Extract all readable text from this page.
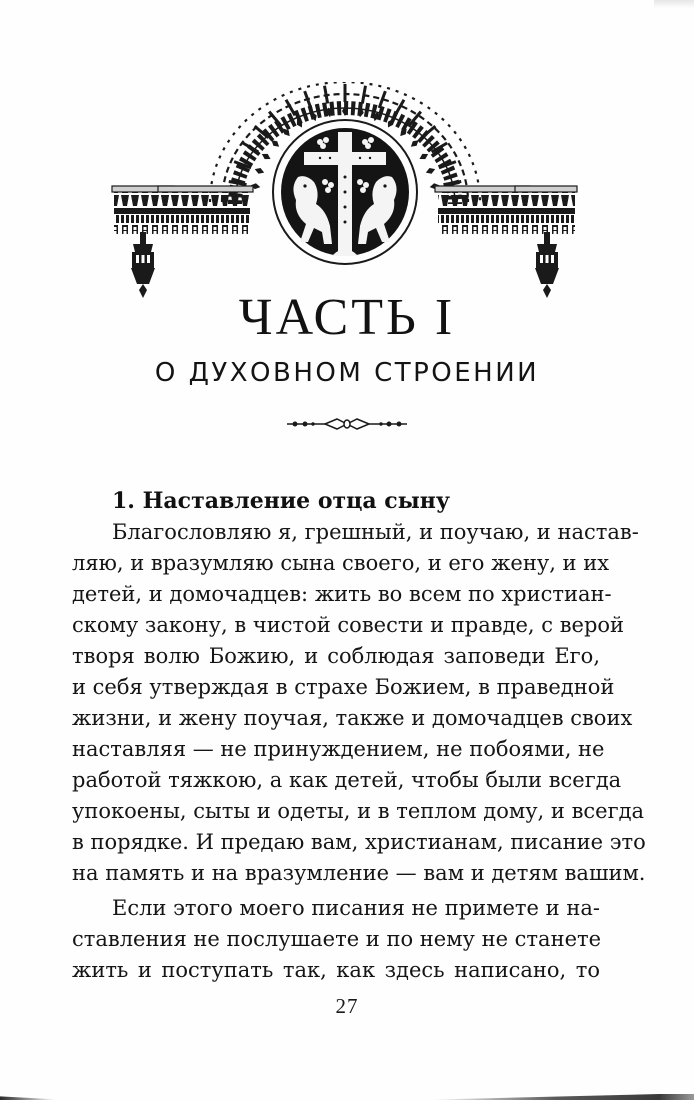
ЧАСТЬ I
О ДУХОВНОМ СТРОЕНИИ
1. Наставление отца сыну
Благословляю я, грешный, и поучаю, и настав-
ляю, и вразумляю сына своего, и его жену, и их
детей, и домочадцев: жить во всем по христиан-
скому закону, в чистой совести и правде, с верой
творя волю Божию, и соблюдая заповеди Его,
и себя утверждая в страхе Божием, в праведной
жизни, и жену поучая, также и домочадцев своих
наставляя — не принуждением, не побоями, не
работой тяжкою, а как детей, чтобы были всегда
упокоены, сыты и одеты, и в теплом дому, и всегда
в порядке. И предаю вам, христианам, писание это
на память и на вразумление — вам и детям вашим.
Если этого моего писания не примете и на-
ставления не послушаете и по нему не станете
жить и поступать так, как здесь написано, то
27
